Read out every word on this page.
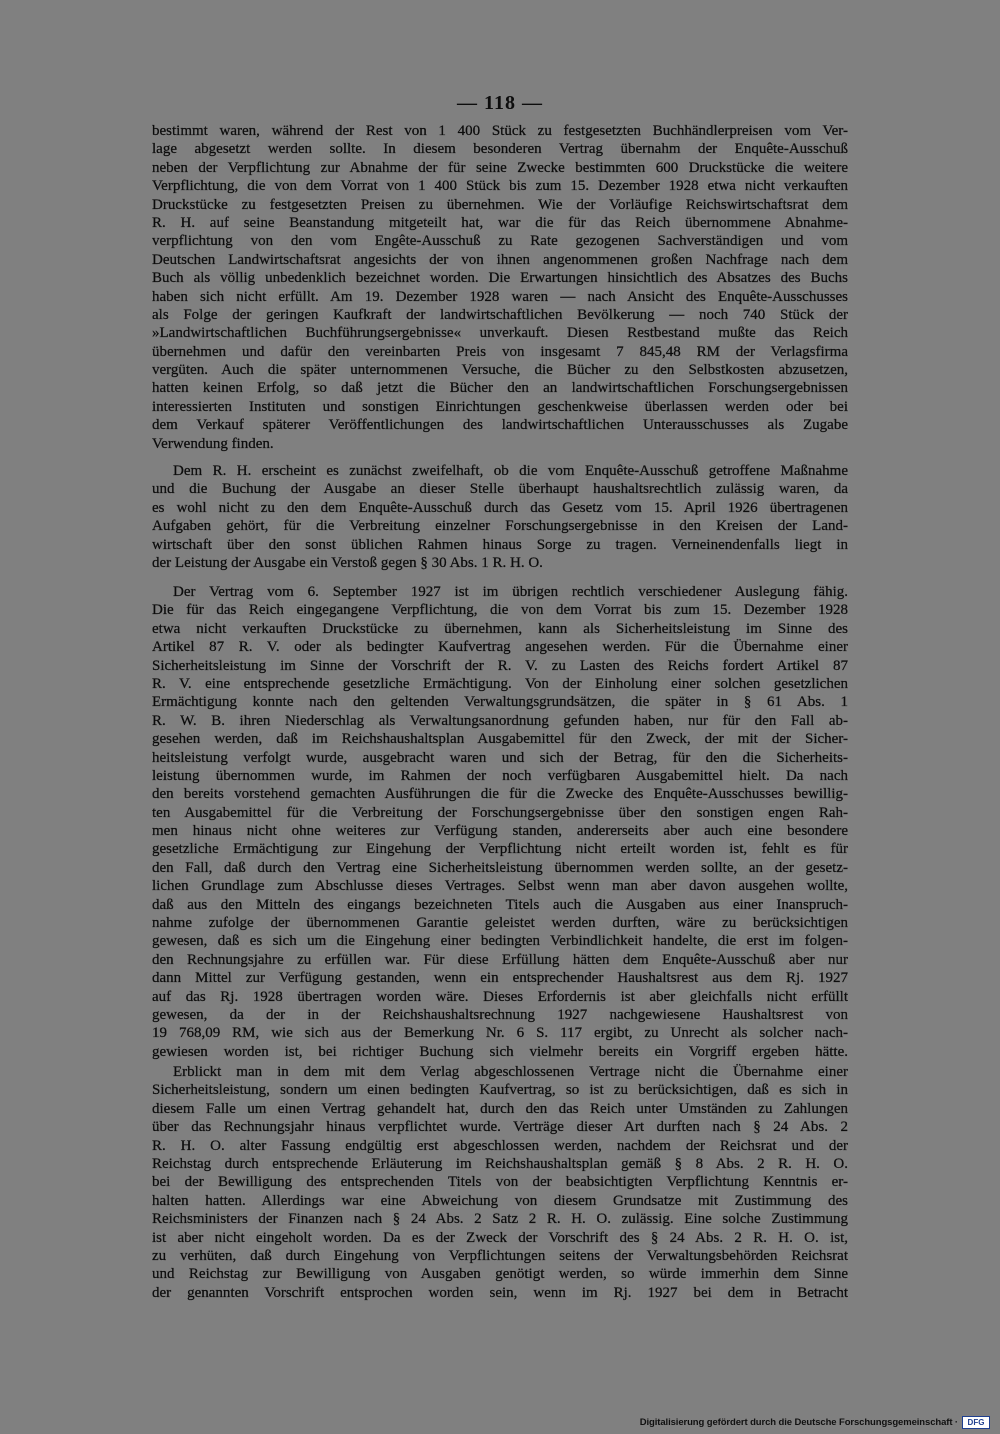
— 118 —
bestimmt waren, während der Rest von 1 400 Stück zu festgesetzten Buchhändlerpreisen vom Ver-
lage abgesetzt werden sollte. In diesem besonderen Vertrag übernahm der Enquête-Ausschuß
neben der Verpflichtung zur Abnahme der für seine Zwecke bestimmten 600 Druckstücke die weitere
Verpflichtung, die von dem Vorrat von 1 400 Stück bis zum 15. Dezember 1928 etwa nicht verkauften
Druckstücke zu festgesetzten Preisen zu übernehmen. Wie der Vorläufige Reichswirtschaftsrat dem
R. H. auf seine Beanstandung mitgeteilt hat, war die für das Reich übernommene Abnahme-
verpflichtung von den vom Engête-Ausschuß zu Rate gezogenen Sachverständigen und vom
Deutschen Landwirtschaftsrat angesichts der von ihnen angenommenen großen Nachfrage nach dem
Buch als völlig unbedenklich bezeichnet worden. Die Erwartungen hinsichtlich des Absatzes des Buchs
haben sich nicht erfüllt. Am 19. Dezember 1928 waren — nach Ansicht des Enquête-Ausschusses
als Folge der geringen Kaufkraft der landwirtschaftlichen Bevölkerung — noch 740 Stück der
»Landwirtschaftlichen Buchführungsergebnisse« unverkauft. Diesen Restbestand mußte das Reich
übernehmen und dafür den vereinbarten Preis von insgesamt 7 845,48 RM der Verlagsfirma
vergüten. Auch die später unternommenen Versuche, die Bücher zu den Selbstkosten abzusetzen,
hatten keinen Erfolg, so daß jetzt die Bücher den an landwirtschaftlichen Forschungsergebnissen
interessierten Instituten und sonstigen Einrichtungen geschenkweise überlassen werden oder bei
dem Verkauf späterer Veröffentlichungen des landwirtschaftlichen Unterausschusses als Zugabe
Verwendung finden.
Dem R. H. erscheint es zunächst zweifelhaft, ob die vom Enquête-Ausschuß getroffene Maßnahme
und die Buchung der Ausgabe an dieser Stelle überhaupt haushaltsrechtlich zulässig waren, da
es wohl nicht zu den dem Enquête-Ausschuß durch das Gesetz vom 15. April 1926 übertragenen
Aufgaben gehört, für die Verbreitung einzelner Forschungsergebnisse in den Kreisen der Land-
wirtschaft über den sonst üblichen Rahmen hinaus Sorge zu tragen. Verneinendenfalls liegt in
der Leistung der Ausgabe ein Verstoß gegen § 30 Abs. 1 R. H. O.
Der Vertrag vom 6. September 1927 ist im übrigen rechtlich verschiedener Auslegung fähig.
Die für das Reich eingegangene Verpflichtung, die von dem Vorrat bis zum 15. Dezember 1928
etwa nicht verkauften Druckstücke zu übernehmen, kann als Sicherheitsleistung im Sinne des
Artikel 87 R. V. oder als bedingter Kaufvertrag angesehen werden. Für die Übernahme einer
Sicherheitsleistung im Sinne der Vorschrift der R. V. zu Lasten des Reichs fordert Artikel 87
R. V. eine entsprechende gesetzliche Ermächtigung. Von der Einholung einer solchen gesetzlichen
Ermächtigung konnte nach den geltenden Verwaltungsgrundsätzen, die später in § 61 Abs. 1
R. W. B. ihren Niederschlag als Verwaltungsanordnung gefunden haben, nur für den Fall ab-
gesehen werden, daß im Reichshaushaltsplan Ausgabemittel für den Zweck, der mit der Sicher-
heitsleistung verfolgt wurde, ausgebracht waren und sich der Betrag, für den die Sicherheits-
leistung übernommen wurde, im Rahmen der noch verfügbaren Ausgabemittel hielt. Da nach
den bereits vorstehend gemachten Ausführungen die für die Zwecke des Enquête-Ausschusses bewillig-
ten Ausgabemittel für die Verbreitung der Forschungsergebnisse über den sonstigen engen Rah-
men hinaus nicht ohne weiteres zur Verfügung standen, andererseits aber auch eine besondere
gesetzliche Ermächtigung zur Eingehung der Verpflichtung nicht erteilt worden ist, fehlt es für
den Fall, daß durch den Vertrag eine Sicherheitsleistung übernommen werden sollte, an der gesetz-
lichen Grundlage zum Abschlusse dieses Vertrages. Selbst wenn man aber davon ausgehen wollte,
daß aus den Mitteln des eingangs bezeichneten Titels auch die Ausgaben aus einer Inanspruch-
nahme zufolge der übernommenen Garantie geleistet werden durften, wäre zu berücksichtigen
gewesen, daß es sich um die Eingehung einer bedingten Verbindlichkeit handelte, die erst im folgen-
den Rechnungsjahre zu erfüllen war. Für diese Erfüllung hätten dem Enquête-Ausschuß aber nur
dann Mittel zur Verfügung gestanden, wenn ein entsprechender Haushaltsrest aus dem Rj. 1927
auf das Rj. 1928 übertragen worden wäre. Dieses Erfordernis ist aber gleichfalls nicht erfüllt
gewesen, da der in der Reichshaushaltsrechnung 1927 nachgewiesene Haushaltsrest von
19 768,09 RM, wie sich aus der Bemerkung Nr. 6 S. 117 ergibt, zu Unrecht als solcher nach-
gewiesen worden ist, bei richtiger Buchung sich vielmehr bereits ein Vorgriff ergeben hätte.
Erblickt man in dem mit dem Verlag abgeschlossenen Vertrage nicht die Übernahme einer
Sicherheitsleistung, sondern um einen bedingten Kaufvertrag, so ist zu berücksichtigen, daß es sich in
diesem Falle um einen Vertrag gehandelt hat, durch den das Reich unter Umständen zu Zahlungen
über das Rechnungsjahr hinaus verpflichtet wurde. Verträge dieser Art durften nach § 24 Abs. 2
R. H. O. alter Fassung endgültig erst abgeschlossen werden, nachdem der Reichsrat und der
Reichstag durch entsprechende Erläuterung im Reichshaushaltsplan gemäß § 8 Abs. 2 R. H. O.
bei der Bewilligung des entsprechenden Titels von der beabsichtigten Verpflichtung Kenntnis er-
halten hatten. Allerdings war eine Abweichung von diesem Grundsatze mit Zustimmung des
Reichsministers der Finanzen nach § 24 Abs. 2 Satz 2 R. H. O. zulässig. Eine solche Zustimmung
ist aber nicht eingeholt worden. Da es der Zweck der Vorschrift des § 24 Abs. 2 R. H. O. ist,
zu verhüten, daß durch Eingehung von Verpflichtungen seitens der Verwaltungsbehörden Reichsrat
und Reichstag zur Bewilligung von Ausgaben genötigt werden, so würde immerhin dem Sinne
der genannten Vorschrift entsprochen worden sein, wenn im Rj. 1927 bei dem in Betracht
Digitalisierung gefördert durch die Deutsche Forschungsgemeinschaft ·	DFG
